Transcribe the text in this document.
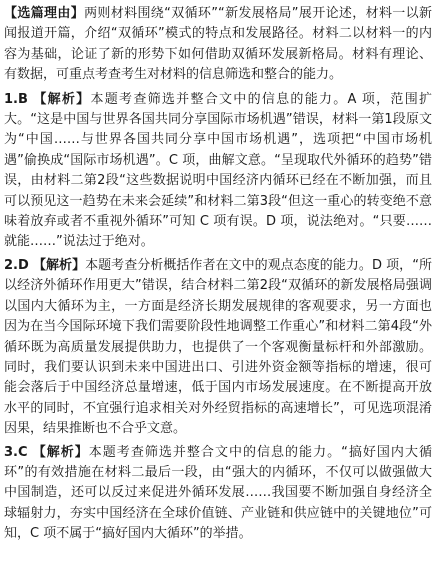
【选篇理由】两则材料围绕“双循环”“新发展格局”展开论述，材料一以新闻报道开篇，介绍“双循环”模式的特点和发展路径。材料二以材料一的内容为基础，论证了新的形势下如何借助双循环发展新格局。材料有理论、有数据，可重点考查考生对材料的信息筛选和整合的能力。

1.B 【解析】本题考查筛选并整合文中的信息的能力。A 项，范围扩大。“这是中国与世界各国共同分享国际市场机遇”错误，材料一第1段原文为“中国……与世界各国共同分享中国市场机遇”，选项把“中国市场机遇”偷换成“国际市场机遇”。C 项，曲解文意。“呈现取代外循环的趋势”错误，由材料二第2段“这些数据说明中国经济内循环已经在不断加强，而且可以预见这一趋势在未来会延续”和材料二第3段“但这一重心的转变绝不意味着放弃或者不重视外循环”可知 C 项有误。D 项，说法绝对。“只要……就能……”说法过于绝对。

2.D 【解析】本题考查分析概括作者在文中的观点态度的能力。D 项，“所以经济外循环作用更大”错误，结合材料二第2段“双循环的新发展格局强调以国内大循环为主，一方面是经济长期发展规律的客观要求，另一方面也因为在当今国际环境下我们需要阶段性地调整工作重心”和材料二第4段“外循环既为高质量发展提供助力，也提供了一个客观衡量标杆和外部激励。同时，我们要认识到未来中国进出口、引进外资金额等指标的增速，很可能会落后于中国经济总量增速，低于国内市场发展速度。在不断提高开放水平的同时，不宜强行追求相关对外经贸指标的高速增长”，可见选项混淆因果，结果推断也不合乎文意。

3.C 【解析】本题考查筛选并整合文中的信息的能力。“搞好国内大循环”的有效措施在材料二最后一段，由“强大的内循环，不仅可以做强做大中国制造，还可以反过来促进外循环发展……我国要不断加强自身经济全球辐射力，夯实中国经济在全球价值链、产业链和供应链中的关键地位”可知，C 项不属于“搞好国内大循环”的举措。
